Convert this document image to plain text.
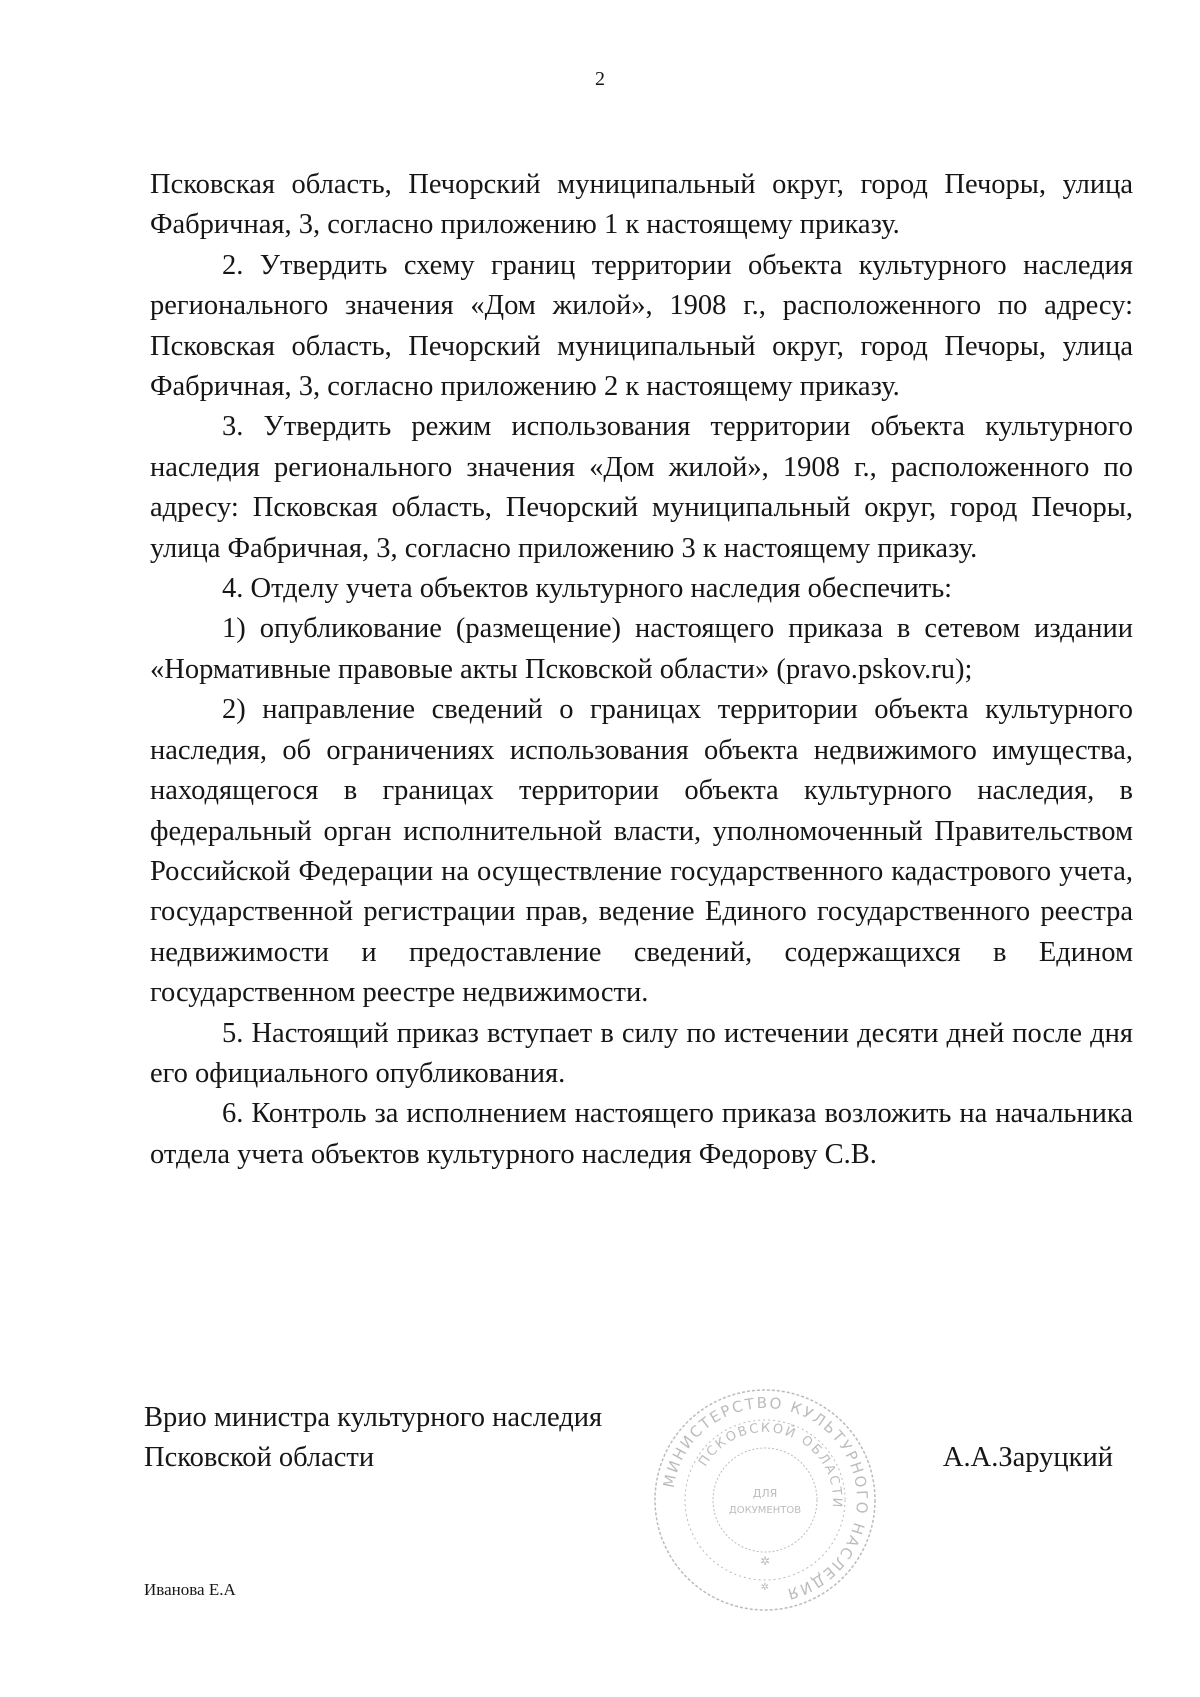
2

Псковская область, Печорский муниципальный округ, город Печоры, улица Фабричная, 3, согласно приложению 1 к настоящему приказу.

2. Утвердить схему границ территории объекта культурного наследия регионального значения «Дом жилой», 1908 г., расположенного по адресу: Псковская область, Печорский муниципальный округ, город Печоры, улица Фабричная, 3, согласно приложению 2 к настоящему приказу.

3. Утвердить режим использования территории объекта культурного наследия регионального значения «Дом жилой», 1908 г., расположенного по адресу: Псковская область, Печорский муниципальный округ, город Печоры, улица Фабричная, 3, согласно приложению 3 к настоящему приказу.

4. Отделу учета объектов культурного наследия обеспечить:

1) опубликование (размещение) настоящего приказа в сетевом издании «Нормативные правовые акты Псковской области» (pravo.pskov.ru);

2) направление сведений о границах территории объекта культурного наследия, об ограничениях использования объекта недвижимого имущества, находящегося в границах территории объекта культурного наследия, в федеральный орган исполнительной власти, уполномоченный Правительством Российской Федерации на осуществление государственного кадастрового учета, государственной регистрации прав, ведение Единого государственного реестра недвижимости и предоставление сведений, содержащихся в Едином государственном реестре недвижимости.

5. Настоящий приказ вступает в силу по истечении десяти дней после дня его официального опубликования.

6. Контроль за исполнением настоящего приказа возложить на начальника отдела учета объектов культурного наследия Федорову С.В.

Врио министра культурного наследия
Псковской области	А.А.Заруцкий
МИНИСТЕРСТВО КУЛЬТУРНОГО НАСЛЕДИЯ
ПСКОВСКОЙ ОБЛАСТИ
ДЛЯ
ДОКУМЕНТОВ
✲
✲
Иванова Е.А
